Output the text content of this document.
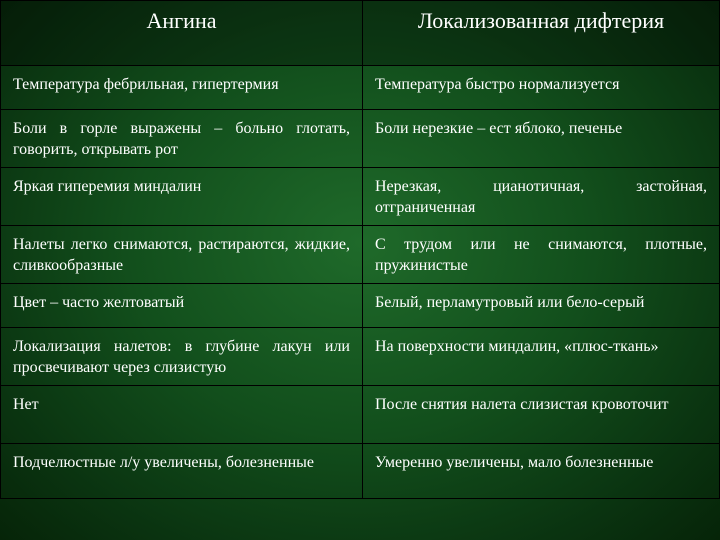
Ангина	Локализованная дифтерия
Температура фебрильная, гипертермия	Температура быстро нормализуется
Боли в горле выражены – больно глотать, говорить, открывать рот	Боли нерезкие – ест яблоко, печенье
Яркая гиперемия миндалин	Нерезкая, цианотичная, застойная, отграниченная
Налеты легко снимаются, растираются, жидкие, сливкообразные	С трудом или не снимаются, плотные, пружинистые
Цвет – часто желтоватый	Белый, перламутровый или бело-серый
Локализация налетов: в глубине лакун или просвечивают через слизистую	На поверхности миндалин, «плюс-ткань»
Нет	После снятия налета слизистая кровоточит
Подчелюстные л/у увеличены, болезненные	Умеренно увеличены, мало болезненные
